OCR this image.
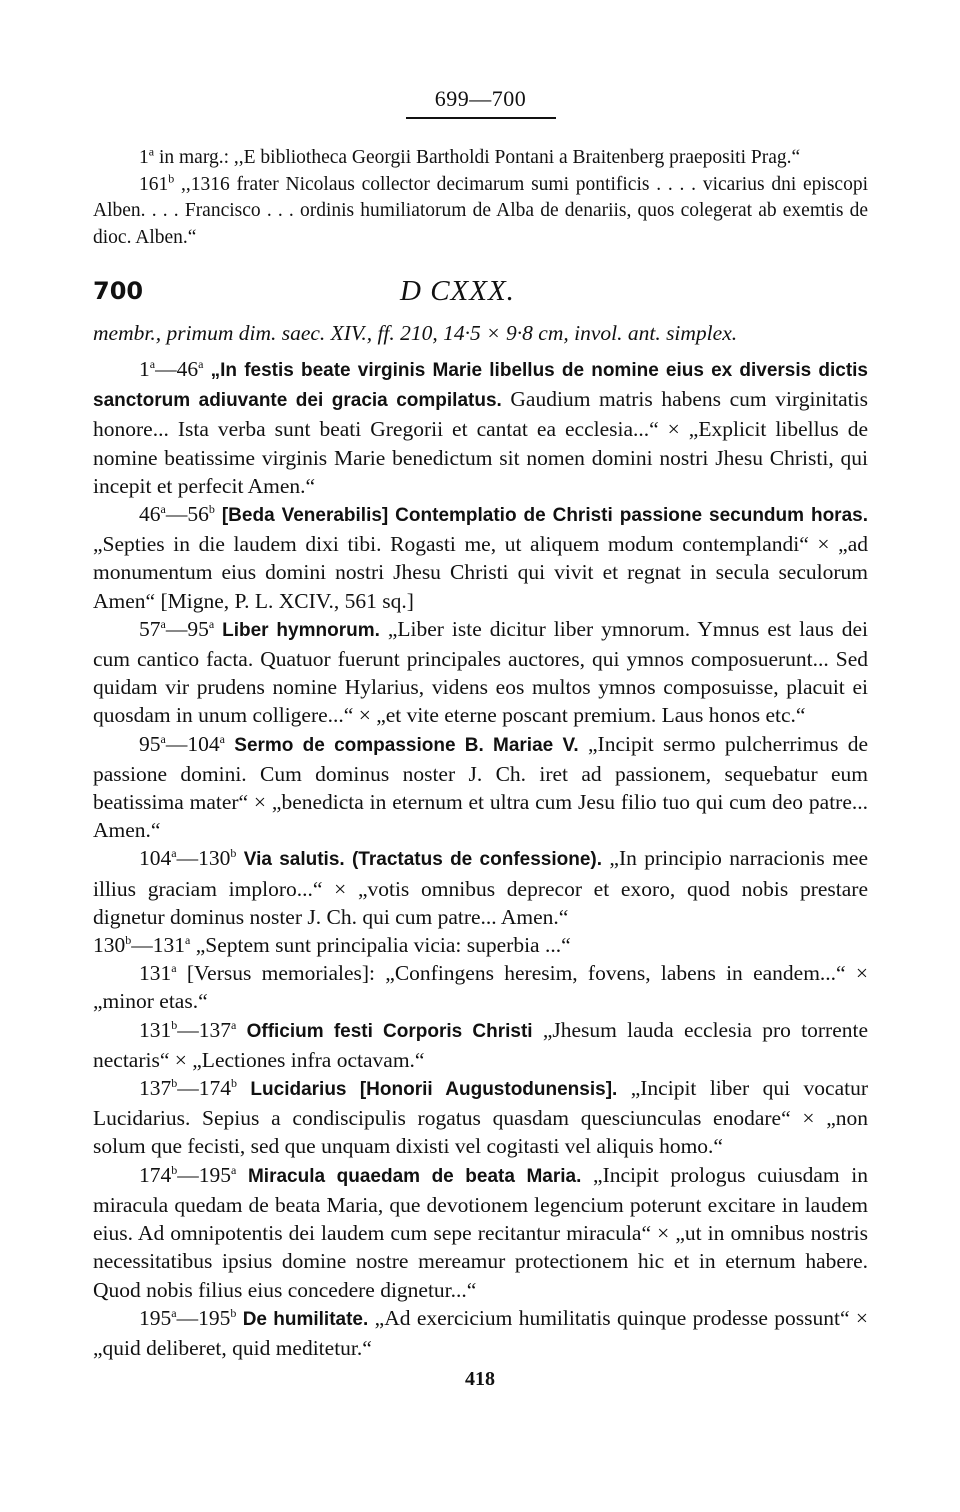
699—700

1$^a$ in marg.: ,,E bibliotheca Georgii Bartholdi Pontani a Braitenberg praepositi Prag.“

161$^b$ ,,1316 frater Nicolaus collector decimarum sumi pontificis . . . . vicarius dni episcopi Alben. . . . Francisco . . . ordinis humiliatorum de Alba de denariis, quos colegerat ab exemtis de dioc. Alben.“

700	D CXXX.
membr., primum dim. saec. XIV., ff. 210, 14·5 × 9·8 cm, invol. ant. simplex.

1$^a$—46$^a$ „In festis beate virginis Marie libellus de nomine eius ex diversis dictis sanctorum adiuvante dei gracia compilatus. Gaudium matris habens cum virginitatis honore... Ista verba sunt beati Gregorii et cantat ea ecclesia...“ × „Explicit libellus de nomine beatissime virginis Marie benedictum sit nomen domini nostri Jhesu Christi, qui incepit et perfecit Amen.“

46$^a$—56$^b$ [Beda Venerabilis] Contemplatio de Christi passione secundum horas. „Septies in die laudem dixi tibi. Rogasti me, ut aliquem modum contemplandi“ × „ad monumentum eius domini nostri Jhesu Christi qui vivit et regnat in secula seculorum Amen“ [Migne, P. L. XCIV., 561 sq.]

57$^a$—95$^a$ Liber hymnorum. „Liber iste dicitur liber ymnorum. Ymnus est laus dei cum cantico facta. Quatuor fuerunt principales auctores, qui ymnos composuerunt... Sed quidam vir prudens nomine Hylarius, videns eos multos ymnos composuisse, placuit ei quosdam in unum colligere...“ × „et vite eterne poscant premium. Laus honos etc.“

95$^a$—104$^a$ Sermo de compassione B. Mariae V. „Incipit sermo pulcherrimus de passione domini. Cum dominus noster J. Ch. iret ad passionem, sequebatur eum beatissima mater“ × „benedicta in eternum et ultra cum Jesu filio tuo qui cum deo patre... Amen.“

104$^a$—130$^b$ Via salutis. (Tractatus de confessione). „In principio narracionis mee illius graciam imploro...“ × „votis omnibus deprecor et exoro, quod nobis prestare dignetur dominus noster J. Ch. qui cum patre... Amen.“

130$^b$—131$^a$ „Septem sunt principalia vicia: superbia ...“

131$^a$ [Versus memoriales]: „Confingens heresim, fovens, labens in eandem...“ × „minor etas.“

131$^b$—137$^a$ Officium festi Corporis Christi „Jhesum lauda ecclesia pro torrente nectaris“ × „Lectiones infra octavam.“

137$^b$—174$^b$ Lucidarius [Honorii Augustodunensis]. „Incipit liber qui vocatur Lucidarius. Sepius a condiscipulis rogatus quasdam quesciunculas enodare“ × „non solum que fecisti, sed que unquam dixisti vel cogitasti vel aliquis homo.“

174$^b$—195$^a$ Miracula quaedam de beata Maria. „Incipit prologus cuiusdam in miracula quedam de beata Maria, que devotionem legencium poterunt excitare in laudem eius. Ad omnipotentis dei laudem cum sepe recitantur miracula“ × „ut in omnibus nostris necessitatibus ipsius domine nostre mereamur protectionem hic et in eternum habere. Quod nobis filius eius concedere dignetur...“

195$^a$—195$^b$ De humilitate. „Ad exercicium humilitatis quinque prodesse possunt“ × „quid deliberet, quid meditetur.“

418
